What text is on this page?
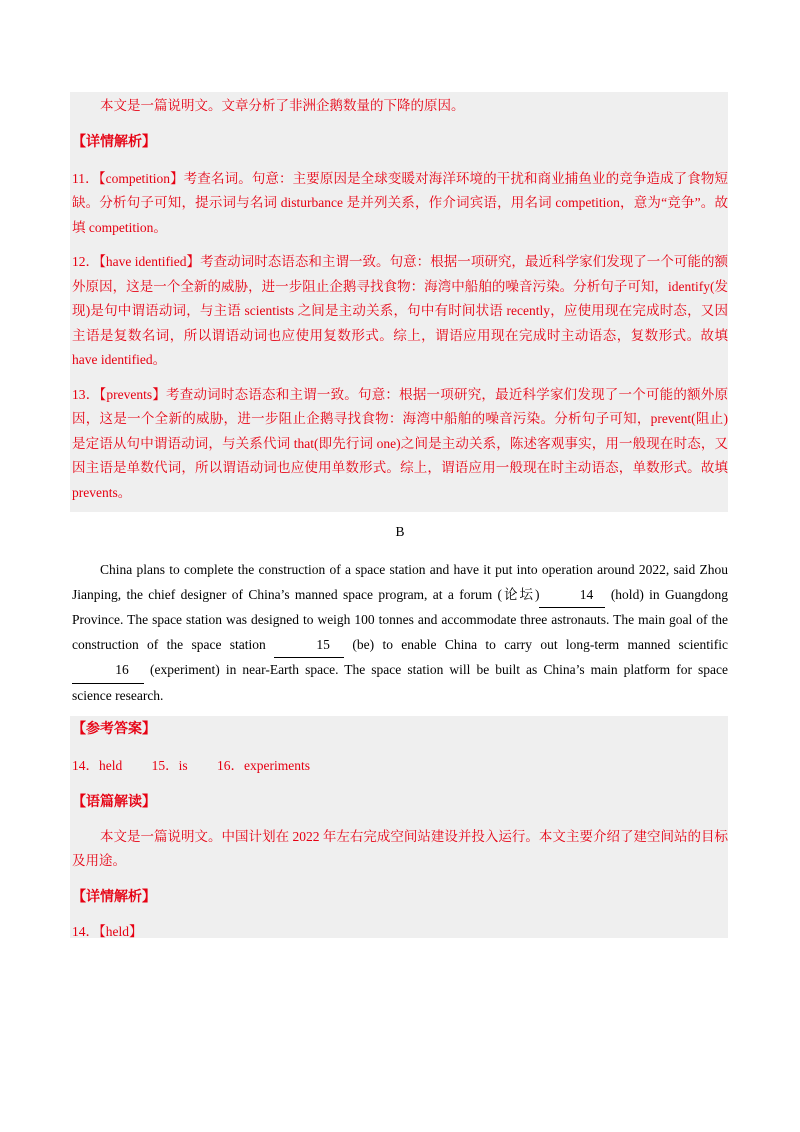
本文是一篇说明文。文章分析了非洲企鹅数量的下降的原因。

【详情解析】

11．【competition】考查名词。句意：主要原因是全球变暖对海洋环境的干扰和商业捕鱼业的竞争造成了食物短缺。分析句子可知，提示词与名词 disturbance 是并列关系，作介词宾语，用名词 competition，意为“竞争”。故填 competition。

12．【have identified】考查动词时态语态和主谓一致。句意：根据一项研究，最近科学家们发现了一个可能的额外原因，这是一个全新的威胁，进一步阻止企鹅寻找食物：海湾中船舶的噪音污染。分析句子可知，identify(发现)是句中谓语动词，与主语 scientists 之间是主动关系，句中有时间状语 recently，应使用现在完成时态，又因主语是复数名词，所以谓语动词也应使用复数形式。综上，谓语应用现在完成时主动语态，复数形式。故填 have identified。

13．【prevents】考查动词时态语态和主谓一致。句意：根据一项研究，最近科学家们发现了一个可能的额外原因，这是一个全新的威胁，进一步阻止企鹅寻找食物：海湾中船舶的噪音污染。分析句子可知，prevent(阻止)是定语从句中谓语动词，与关系代词 that(即先行词 one)之间是主动关系，陈述客观事实，用一般现在时态，又因主语是单数代词，所以谓语动词也应使用单数形式。综上，谓语应用一般现在时主动语态，单数形式。故填 prevents。

B

China plans to complete the construction of a space station and have it put into operation around 2022, said Zhou Jianping, the chief designer of China’s manned space program, at a forum (论坛)	14 (hold) in Guangdong Province. The space station was designed to weigh 100 tonnes and accommodate three astronauts. The main goal of the construction of the space station	15 (be) to enable China to carry out long-term manned scientific 16 (experiment) in near-Earth space. The space station will be built as China’s main platform for space science research.

【参考答案】
14．held 15．is 16．experiments
【语篇解读】

本文是一篇说明文。中国计划在 2022 年左右完成空间站建设并投入运行。本文主要介绍了建空间站的目标及用途。

【详情解析】
14．【held】
